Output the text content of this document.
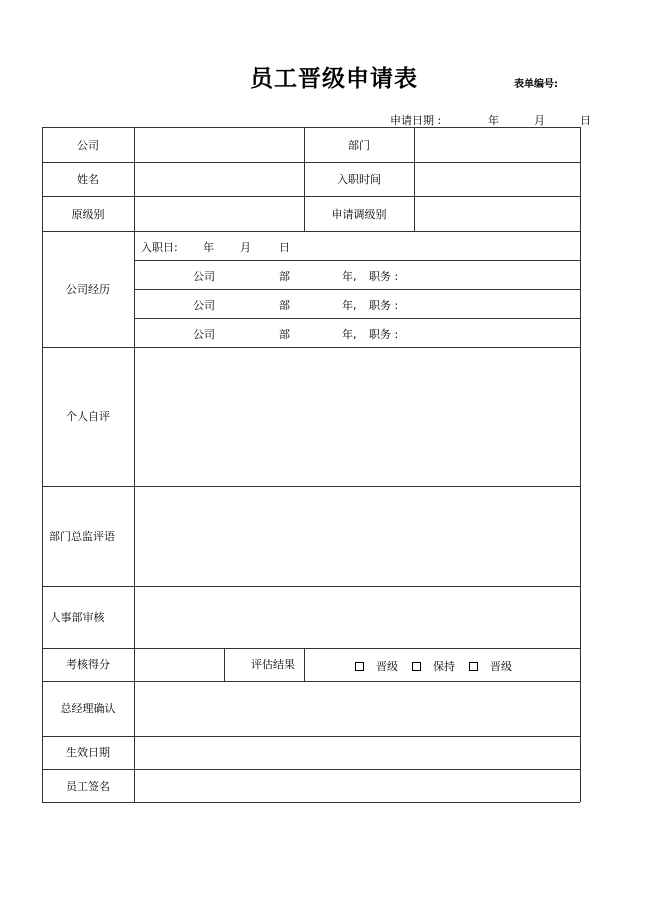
员工晋级申请表	表单编号:
申请日期 :	年	月	日
公司	部门
姓名	入职时间
原级别	申请调级别
公司经历
入职日: 年 月	日
公司	部	年, 职务 :
公司	部	年, 职务 :
公司	部	年, 职务 :
个人自评
部门总监评语
人事部审核
考核得分	评估结果	晋级	保持	晋级
总经理确认
生效日期
员工签名
